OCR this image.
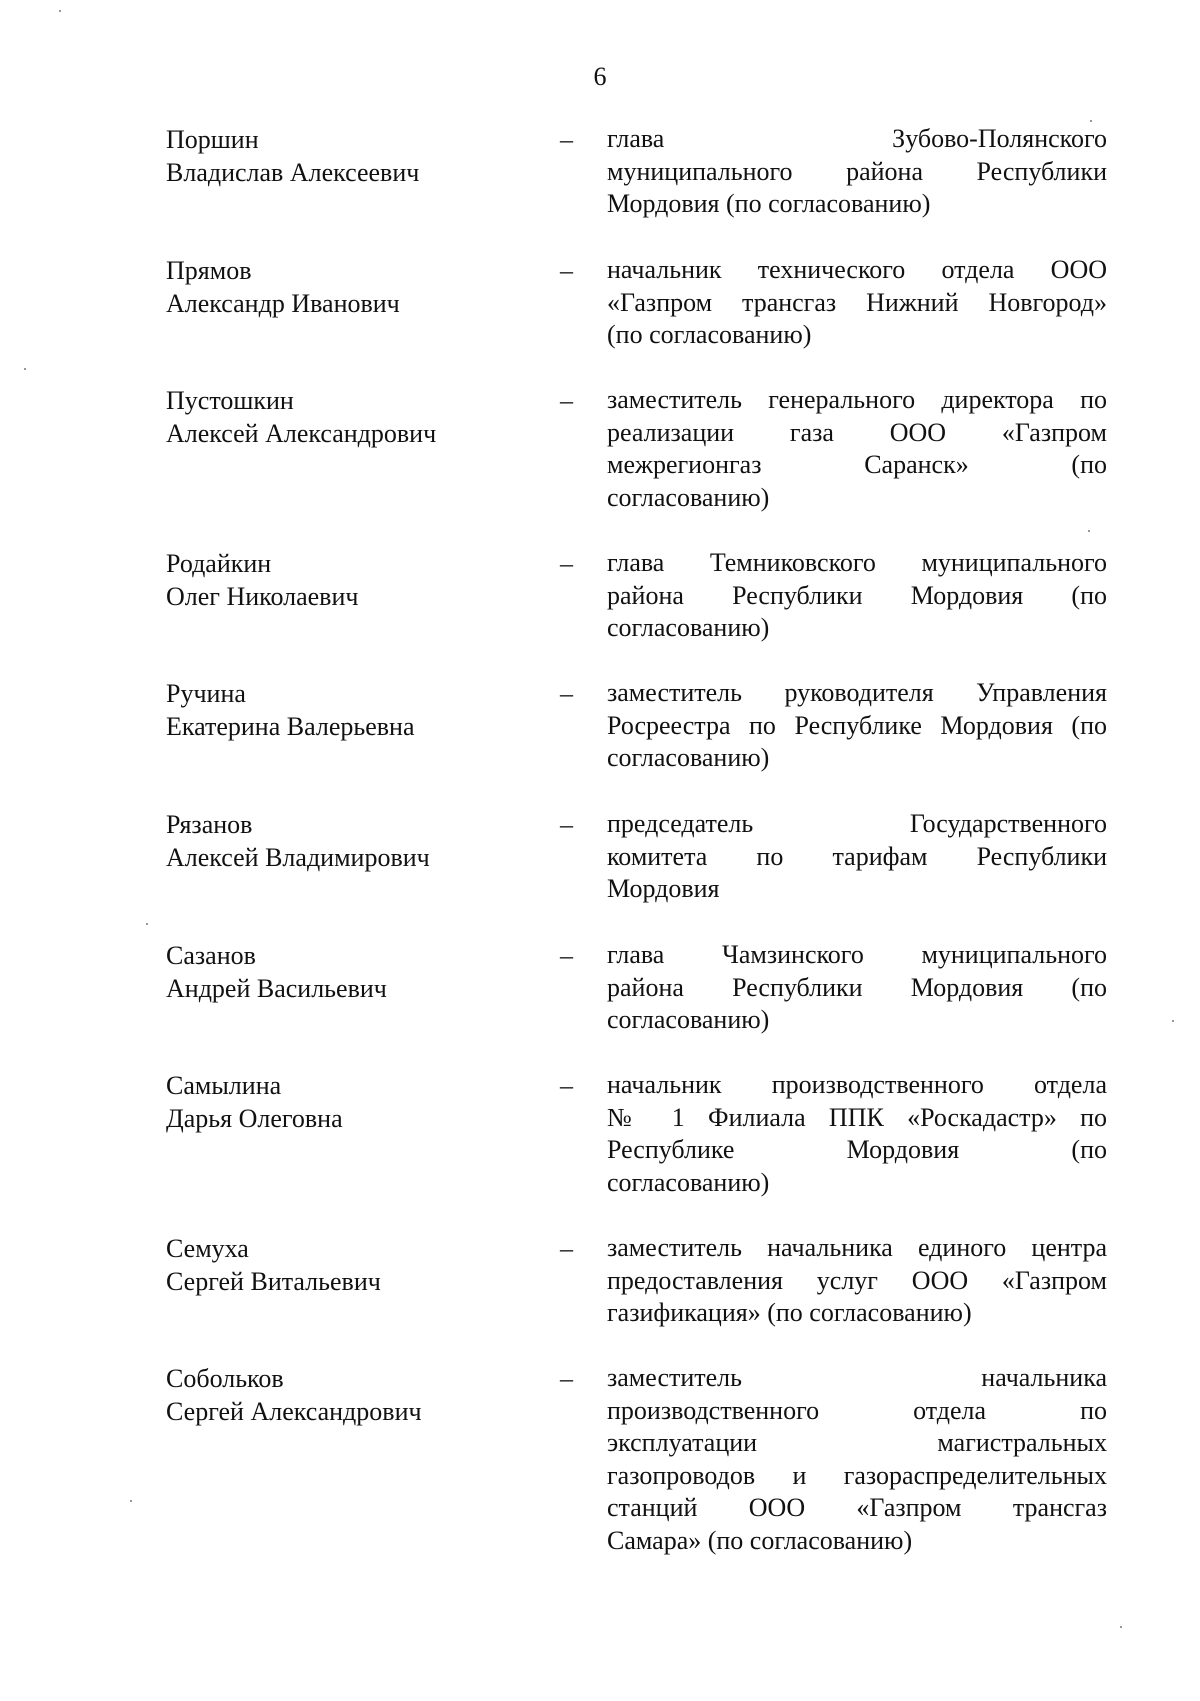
6
Поршин
Владислав Алексеевич
– глава Зубово-Полянского
муниципального района Республики
Мордовия (по согласованию)
Прямов
Александр Иванович
– начальник технического отдела ООО
«Газпром трансгаз Нижний Новгород»
(по согласованию)
Пустошкин
Алексей Александрович
– заместитель генерального директора по
реализации газа ООО «Газпром
межрегионгаз Саранск» (по
согласованию)
Родайкин
Олег Николаевич
– глава Темниковского муниципального
района Республики Мордовия (по
согласованию)
Ручина
Екатерина Валерьевна
– заместитель руководителя Управления
Росреестра по Республике Мордовия (по
согласованию)
Рязанов
Алексей Владимирович
– председатель Государственного
комитета по тарифам Республики
Мордовия
Сазанов
Андрей Васильевич
– глава Чамзинского муниципального
района Республики Мордовия (по
согласованию)
Самылина
Дарья Олеговна
– начальник производственного отдела
№ 1 Филиала ППК «Роскадастр» по
Республике Мордовия (по
согласованию)
Семуха
Сергей Витальевич
– заместитель начальника единого центра
предоставления услуг ООО «Газпром
газификация» (по согласованию)
Собольков
Сергей Александрович
– заместитель начальника
производственного отдела по
эксплуатации магистральных
газопроводов и газораспределительных
станций ООО «Газпром трансгаз
Самара» (по согласованию)
